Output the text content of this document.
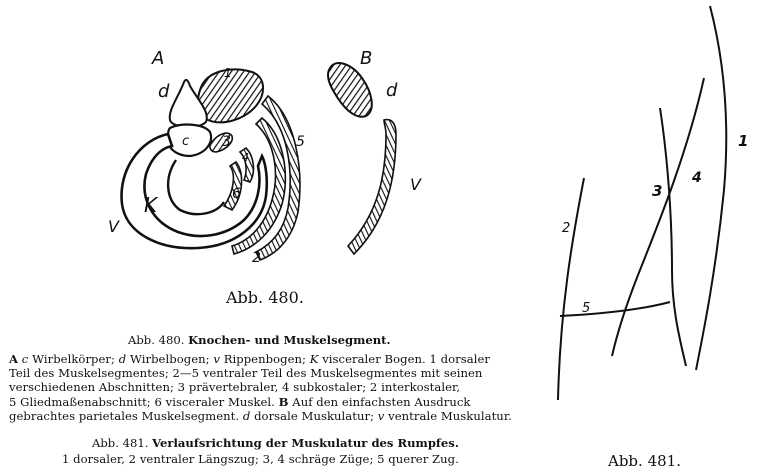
A
d
1
c 3	5
4
K	6
V
2
B
d
V
Abb. 480.
1
2
3
4
5
Abb. 481.
Abb. 480. Knochen- und Muskelsegment.
A c Wirbelkörper; d Wirbelbogen; v Rippenbogen; K visceraler Bogen. 1 dorsaler
Teil des Muskelsegmentes; 2—5 ventraler Teil des Muskelsegmentes mit seinen
verschiedenen Abschnitten; 3 prävertebraler, 4 subkostaler; 2 interkostaler,
5 Gliedmaßenabschnitt; 6 visceraler Muskel. B Auf den einfachsten Ausdruck
gebrachtes parietales Muskelsegment. d dorsale Muskulatur; v ventrale Muskulatur.
Abb. 481. Verlaufsrichtung der Muskulatur des Rumpfes.
1 dorsaler, 2 ventraler Längszug; 3, 4 schräge Züge; 5 querer Zug.
